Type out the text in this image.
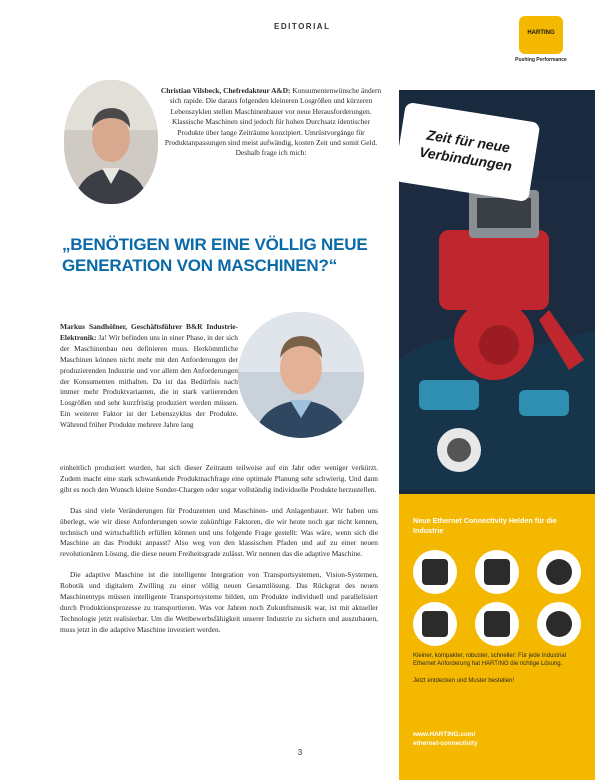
EDITORIAL
Christian Vilsbeck, Chefredakteur A&D: Konsumentenwünsche ändern sich rapide. Die daraus folgenden kleineren Losgrößen und kürzeren Lebenszyklen stellen Maschinenbauer vor neue Herausforderungen. Klassische Maschinen sind jedoch für hohen Durchsatz identischer Produkte über lange Zeiträume konzipiert. Umrüstvorgänge für Produktanpassungen sind meist aufwändig, kosten Zeit und somit Geld. Deshalb frage ich mich:
„BENÖTIGEN WIR EINE VÖLLIG NEUE GENERATION VON MASCHINEN?“
Markus Sandhöfner, Geschäftsführer B&R Industrie-Elektronik: Ja! Wir befinden uns in einer Phase, in der sich der Maschinenbau neu definieren muss. Herkömmliche Maschinen können nicht mehr mit den Anforderungen der produzierenden Industrie und vor allem den Anforderungen der Konsumenten mithalten. Da ist das Bedürfnis nach immer mehr Produktvarianten, die in stark variierenden Losgrößen und sehr kurzfristig produziert werden müssen. Ein weiterer Faktor ist der Lebenszyklus der Produkte. Während früher Produkte mehrere Jahre lang

einheitlich produziert wurden, hat sich dieser Zeitraum teilweise auf ein Jahr oder weniger verkürzt. Zudem macht eine stark schwankende Produktnachfrage eine optimale Planung sehr schwierig. Und dann gibt es noch den Wunsch kleine Sonder-Chargen oder sogar vollständig individuelle Produkte herzustellen.

Das sind viele Veränderungen für Produzenten und Maschinen- und Anlagenbauer. Wir haben uns überlegt, wie wir diese Anforderungen sowie zukünftige Faktoren, die wir heute noch gar nicht kennen, technisch und wirtschaftlich erfüllen können und uns folgende Frage gestellt: Was wäre, wenn sich die Maschine an das Produkt anpasst? Also weg von den klassischen Pfaden und auf zu einer neuen revolutionären Lösung, die diese neuen Freiheitsgrade zulässt. Wir nennen das die adaptive Maschine.

Die adaptive Maschine ist die intelligente Integration von Transportsystemen, Vision-Systemen, Robotik und digitalem Zwilling zu einer völlig neuen Gesamtlösung. Das Rückgrat des neuen Maschinentyps müssen intelligente Transportsysteme bilden, um Produkte individuell und parallelisiert durch Produktionsprozesse zu transportieren. Was vor Jahren noch Zukunftsmusik war, ist mit aktueller Technologie jetzt realisierbar. Um die Wettbewerbsfähigkeit unserer Industrie zu sichern und auszubauen, muss jetzt in die adaptive Maschine investiert werden.

3
HARTING
Pushing Performance
Zeit für neue Verbindungen
Neue Ethernet Connectivity Helden für die Industrie

Kleiner, kompakter, robuster, schneller: Für jede Industrial Ethernet Anforderung hat HARTING die richtige Lösung.

Jetzt entdecken und Muster bestellen!

www.HARTING.com/
ethernet-connectivity
